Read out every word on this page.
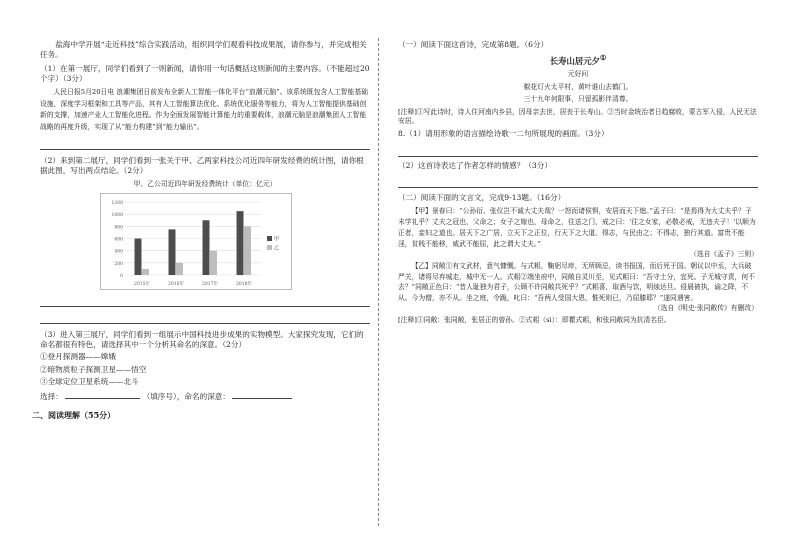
盐海中学开展“走近科技”综合实践活动，组织同学们观看科技成果展，请你参与，并完成相关任务。

（1）在第一展厅，同学们看到了一则新闻，请你用一句话概括这则新闻的主要内容。（不能超过20个字）（3分）

人民日报5月20日电 浪潮集团日前发布全新人工智能一体化平台“浪潮元脑”。该系统既包含人工智能基础设施，深度学习框架和工具等产品，其有人工智能算法优化、系统优化服务等能力，将为人工智能提供基础创新的支撑，加速产业人工智能化进程。作为全面发展智能计算能力的重要载体，浪潮元脑是浪潮集团人工智能战略的再度升级，实现了从“能力构建”到“能力输出”。

（2）来到第二展厅，同学们看到一张关于甲、乙两家科技公司近四年研发经费的统计图，请你根据此图，写出两点结论。（2分）

甲、乙公司近四年研发经费统计（单位：亿元）

0
200
400
600
800
1000
1200
2015年	2016年	2017年	2018年
甲
乙

（3）进入第三展厅，同学们看到一组展示中国科技进步成果的实物模型。大家探究发现，它们的命名都很有特色，请选择其中一个分析其命名的深意。（2分）

①登月探测器——嫦娥

②暗物质粒子探测卫星——悟空

③全球定位卫星系统——北斗

选择：	（填序号），命名的深意：

二、阅读理解（55分）

（一）阅读下面这首诗，完成第8题。（6分）

长寿山居元夕①

元好问

椒花灯火太平村，黄叶谁山去鹤门。

三十九年何限事，只留孤影伴清尊。

[注释]①写此诗时，诗人住河南内乡县，因母亲去世，居丧于长寿山。②当时金统治者日趋腐败，蒙古军入侵，人民无法安居。

8.（1）请用形象的语言描绘诗歌一二句所展现的画面。（3分）

（2）这首诗表达了作者怎样的情感？（3分）

（二）阅读下面的文言文，完成9-13题。（16分）

【甲】景春曰：“公孙衍、张仪岂不诚大丈夫哉？一怒而诸侯惧，安居而天下熄。”孟子曰：“是焉得为大丈夫乎？子未学礼乎？丈夫之冠也，父命之；女子之嫁也，母命之，往送之门，戒之曰：‘往之女家，必敬必戒，无违夫子！’以顺为正者，妾妇之道也。居天下之广居，立天下之正位，行天下之大道。得志，与民由之；不得志，独行其道。富贵不能淫，贫贱不能移，威武不能屈，此之谓大丈夫。”

（选自《孟子》三则）

【乙】同敞①有文武材，意气慷慨。与式耜，鞠躬尽瘁，无所顾忌，读书报国，而后死于国。朝议以中丞，大兵破严关，诸将尽弃城走，城中无一人。式耜②端坐府中，同敞自灵川至，见式耜曰：“吾守土分，宜死。子无城守责，何不去？”同敞正色曰：“昔人耻独为君子，公顾不许同敞共死乎？”式耜喜，取酒与饮，明烛达旦。侵晨被执，谕之降，不从。今为僧，亦不从。坐之庭，令跪，叱曰：“吾两人受国大恩，惟死则已，乃屈膝耶？”遂同遇害。

（选自《明史·张同敞传》有删改）

[注释]①同敞：张同敞，张居正的曾孙。②式耜（sì）：即瞿式耜，和张同敞同为抗清名臣。
